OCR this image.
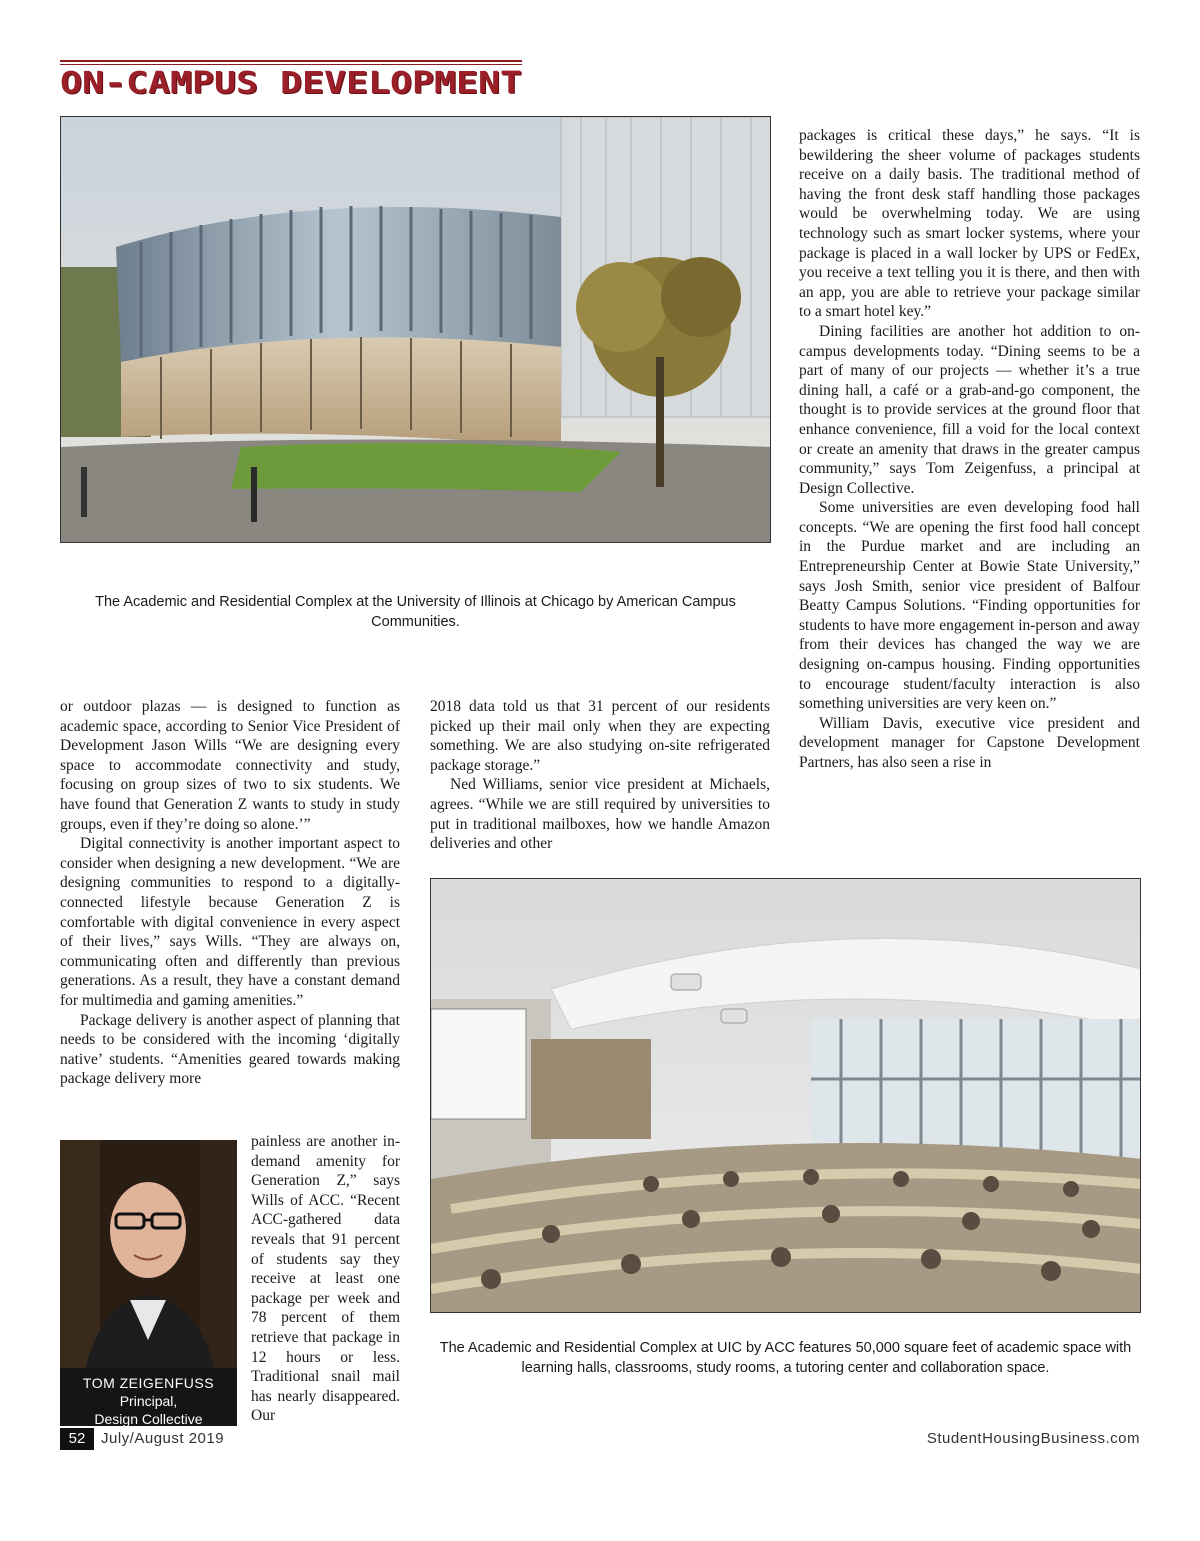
ON-CAMPUS DEVELOPMENT
The Academic and Residential Complex at the University of Illinois at Chicago by American Campus Communities.

or outdoor plazas — is designed to function as academic space, according to Senior Vice President of Development Jason Wills “We are designing every space to accommodate connectivity and study, focusing on group sizes of two to six students. We have found that Generation Z wants to study in study groups, even if they’re doing so alone.’”

Digital connectivity is another important aspect to consider when designing a new development. “We are designing communities to respond to a digitally-connected lifestyle because Generation Z is comfortable with digital convenience in every aspect of their lives,” says Wills. “They are always on, communicating often and differently than previous generations. As a result, they have a constant demand for multimedia and gaming amenities.”

Package delivery is another aspect of planning that needs to be considered with the incoming ‘digitally native’ students. “Amenities geared towards making package delivery more

painless are another in-demand amenity for Generation Z,” says Wills of ACC. “Recent ACC-gathered data reveals that 91 percent of students say they receive at least one package per week and 78 percent of them retrieve that package in 12 hours or less. Traditional snail mail has nearly disappeared. Our

TOM ZEIGENFUSS
Principal,
Design Collective

2018 data told us that 31 percent of our residents picked up their mail only when they are expecting something. We are also studying on-site refrigerated package storage.”

Ned Williams, senior vice president at Michaels, agrees. “While we are still required by universities to put in traditional mailboxes, how we handle Amazon deliveries and other

packages is critical these days,” he says. “It is bewildering the sheer volume of packages students receive on a daily basis. The traditional method of having the front desk staff handling those packages would be overwhelming today. We are using technology such as smart locker systems, where your package is placed in a wall locker by UPS or FedEx, you receive a text telling you it is there, and then with an app, you are able to retrieve your package similar to a smart hotel key.”

Dining facilities are another hot addition to on-campus developments today. “Dining seems to be a part of many of our projects — whether it’s a true dining hall, a café or a grab-and-go component, the thought is to provide services at the ground floor that enhance convenience, fill a void for the local context or create an amenity that draws in the greater campus community,” says Tom Zeigenfuss, a principal at Design Collective.

Some universities are even developing food hall concepts. “We are opening the first food hall concept in the Purdue market and are including an Entrepreneurship Center at Bowie State University,” says Josh Smith, senior vice president of Balfour Beatty Campus Solutions. “Finding opportunities for students to have more engagement in-person and away from their devices has changed the way we are designing on-campus housing. Finding opportunities to encourage student/faculty interaction is also something universities are very keen on.”

William Davis, executive vice president and development manager for Capstone Development Partners, has also seen a rise in

The Academic and Residential Complex at UIC by ACC features 50,000 square feet of academic space with learning halls, classrooms, study rooms, a tutoring center and collaboration space.
52	July/August 2019	StudentHousingBusiness.com
